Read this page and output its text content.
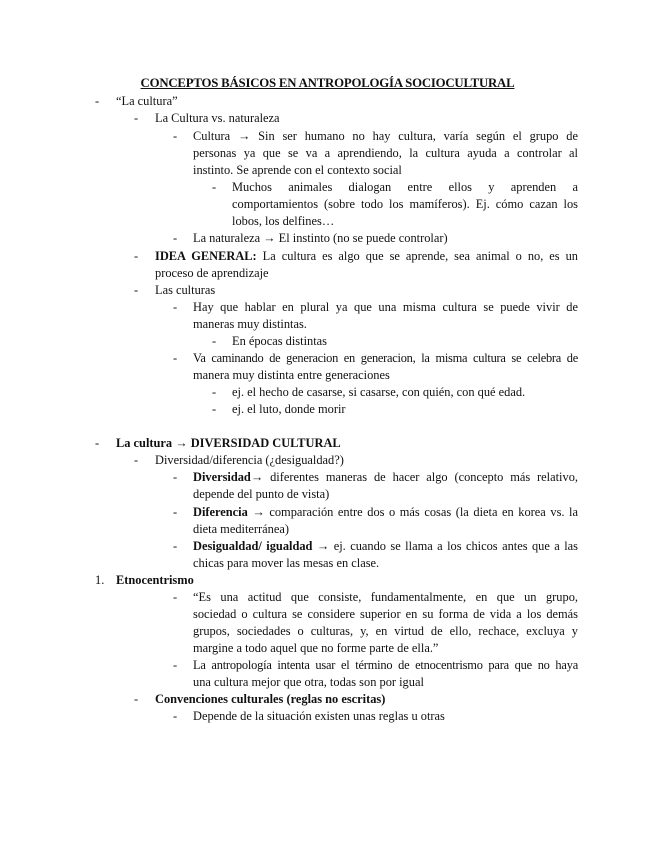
CONCEPTOS BÁSICOS EN ANTROPOLOGÍA SOCIOCULTURAL
- “La cultura”
- La Cultura vs. naturaleza
- Cultura → Sin ser humano no hay cultura, varía según el grupo de
personas ya que se va a aprendiendo, la cultura ayuda a controlar al
instinto. Se aprende con el contexto social
- Muchos animales dialogan entre ellos y aprenden a
comportamientos (sobre todo los mamíferos). Ej. cómo cazan los
lobos, los delfines…
- La naturaleza → El instinto (no se puede controlar)
- IDEA GENERAL: La cultura es algo que se aprende, sea animal o no, es un
proceso de aprendizaje
- Las culturas
- Hay que hablar en plural ya que una misma cultura se puede vivir de
maneras muy distintas.
- En épocas distintas
- Va caminando de generacion en generacion, la misma cultura se celebra de
manera muy distinta entre generaciones
- ej. el hecho de casarse, si casarse, con quién, con qué edad.
- ej. el luto, donde morir
- La cultura → DIVERSIDAD CULTURAL
- Diversidad/diferencia (¿desigualdad?)
- Diversidad→ diferentes maneras de hacer algo (concepto más relativo,
depende del punto de vista)
- Diferencia → comparación entre dos o más cosas (la dieta en korea vs. la
dieta mediterránea)
- Desigualdad/ igualdad → ej. cuando se llama a los chicos antes que a las
chicas para mover las mesas en clase.
1. Etnocentrismo
- “Es una actitud que consiste, fundamentalmente, en que un grupo,
sociedad o cultura se considere superior en su forma de vida a los demás
grupos, sociedades o culturas, y, en virtud de ello, rechace, excluya y
margine a todo aquel que no forme parte de ella.”
- La antropología intenta usar el término de etnocentrismo para que no haya
una cultura mejor que otra, todas son por igual
- Convenciones culturales (reglas no escritas)
- Depende de la situación existen unas reglas u otras
